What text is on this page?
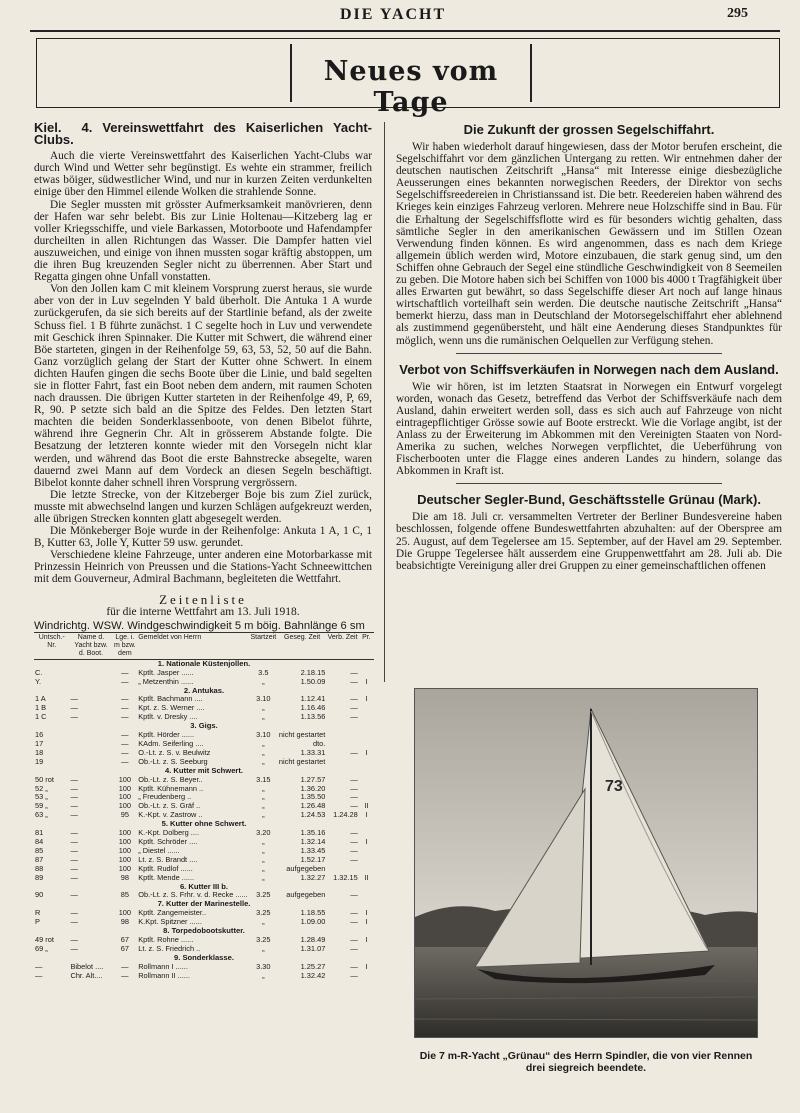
DIE YACHT	295
Neues vom Tage
Kiel. 4. Vereinswettfahrt des Kaiserlichen Yacht-Clubs.

Auch die vierte Vereinswettfahrt des Kaiserlichen Yacht-Clubs war durch Wind und Wetter sehr begünstigt. Es wehte ein strammer, freilich etwas böiger, südwestlicher Wind, und nur in kurzen Zeiten verdunkelten einige über den Himmel eilende Wolken die strahlende Sonne.

Die Segler mussten mit grösster Aufmerksamkeit manövrieren, denn der Hafen war sehr belebt. Bis zur Linie Holtenau—Kitzeberg lag er voller Kriegsschiffe, und viele Barkassen, Motorboote und Hafendampfer durcheilten in allen Richtungen das Wasser. Die Dampfer hatten viel auszuweichen, und einige von ihnen mussten sogar kräftig abstoppen, um die ihren Bug kreuzenden Segler nicht zu überrennen. Aber Start und Regatta gingen ohne Unfall vonstatten.

Von den Jollen kam C mit kleinem Vorsprung zuerst heraus, sie wurde aber von der in Luv segelnden Y bald überholt. Die Antuka 1 A wurde zurückgerufen, da sie sich bereits auf der Startlinie befand, als der zweite Schuss fiel. 1 B führte zunächst. 1 C segelte hoch in Luv und verwendete mit Geschick ihren Spinnaker. Die Kutter mit Schwert, die während einer Böe starteten, gingen in der Reihenfolge 59, 63, 53, 52, 50 auf die Bahn. Ganz vorzüglich gelang der Start der Kutter ohne Schwert. In einem dichten Haufen gingen die sechs Boote über die Linie, und bald segelten sie in flotter Fahrt, fast ein Boot neben dem andern, mit raumen Schoten nach draussen. Die übrigen Kutter starteten in der Reihenfolge 49, P, 69, R, 90. P setzte sich bald an die Spitze des Feldes. Den letzten Start machten die beiden Sonderklassenboote, von denen Bibelot führte, während ihre Gegnerin Chr. Alt in grösserem Abstande folgte. Die Besatzung der letzteren konnte wieder mit den Vorsegeln nicht klar werden, und während das Boot die erste Bahnstrecke absegelte, waren dauernd zwei Mann auf dem Vordeck an diesen Segeln beschäftigt. Bibelot konnte daher schnell ihren Vorsprung vergrössern.

Die letzte Strecke, von der Kitzeberger Boje bis zum Ziel zurück, musste mit abwechselnd langen und kurzen Schlägen aufgekreuzt werden, alle übrigen Strecken konnten glatt abgesegelt werden.

Die Mönkeberger Boje wurde in der Reihenfolge: Ankuta 1 A, 1 C, 1 B, Kutter 63, Jolle Y, Kutter 59 usw. gerundet.

Verschiedene kleine Fahrzeuge, unter anderen eine Motorbarkasse mit Prinzessin Heinrich von Preussen und die Stations-Yacht Schneewittchen mit dem Gouverneur, Admiral Bachmann, begleiteten die Wettfahrt.

Zeitenliste
für die interne Wettfahrt am 13. Juli 1918.
Windrichtg. WSW. Windgeschwindigkeit 5 m böig. Bahnlänge 6 sm
Untsch.-Nr.	Name d. Yacht bzw. d. Boot.	Lge. i. m bzw. dem	Gemeldet von Herrn	Startzeit	Geseg. Zeit	Verb. Zeit	Pr.
1. Nationale Küstenjollen.							
C.		—	Kptlt. Jasper ......	3.5	2.18.15	—	
Y.		—	„ Metzenthin ......	„	1.50.09	—	I
2. Antukas.							
1 A	—	—	Kptlt. Bachmann ....	3.10	1.12.41	—	I
1 B	—	—	Kpt. z. S. Werner ....	„	1.16.46	—	
1 C	—	—	Kptlt. v. Dresky ....	„	1.13.56	—	
3. Gigs.							
16		—	Kptlt. Hörder ......	3.10	nicht gestartet		
17		—	KAdm. Seiferling ....	„	dto.		
18		—	O.-Lt. z. S. v. Beulwitz	„	1.33.31	—	I
19		—	Ob.-Lt. z. S. Seeburg	„	nicht gestartet		
4. Kutter mit Schwert.							
50 rot	—	100	Ob.-Lt. z. S. Beyer..	3.15	1.27.57	—	
52 „	—	100	Kptlt. Kühnemann ..	„	1.36.20	—	
53 „	—	100	„ Freudenberg ..	„	1.35.50	—	
59 „	—	100	Ob.-Lt. z. S. Gräf ..	„	1.26.48	—	II
63 „	—	95	K.-Kpt. v. Zastrow ..	„	1.24.53	1.24.28	I
5. Kutter ohne Schwert.							
81	—	100	K.-Kpt. Dolberg ....	3.20	1.35.16	—	
84	—	100	Kptlt. Schröder ....	„	1.32.14	—	I
85	—	100	„ Diestel ......	„	1.33.45	—	
87	—	100	Lt. z. S. Brandt ....	„	1.52.17	—	
88	—	100	Kptlt. Rudlof ......	„	aufgegeben		
89	—	98	Kptlt. Mende ......	„	1.32.27	1.32.15	II
6. Kutter III b.							
90	—	85	Ob.-Lt. z. S. Frhr. v. d. Recke ......	3.25	aufgegeben	—	
7. Kutter der Marinestelle.							
R	—	100	Kptlt. Zangemeister..	3.25	1.18.55	—	I
P	—	98	K.Kpt. Spitzner ......	„	1.09.00	—	I
8. Torpedobootskutter.							
49 rot	—	67	Kptlt. Rohne ......	3.25	1.28.49	—	I
69 „	—	67	Lt. z. S. Friedrich ..	„	1.31.07	—	
9. Sonderklasse.							
—	Bibelot ....	—	Rollmann I ......	3.30	1.25.27	—	I
—	Chr. Alt....	—	Rollmann II ......	„	1.32.42	—	
Die Zukunft der grossen Segelschiffahrt.

Wir haben wiederholt darauf hingewiesen, dass der Motor berufen erscheint, die Segelschiffahrt vor dem gänzlichen Untergang zu retten. Wir entnehmen daher der deutschen nautischen Zeitschrift „Hansa“ mit Interesse einige diesbezügliche Aeusserungen eines bekannten norwegischen Reeders, der Direktor von sechs Segelschiffsreedereien in Christianssand ist. Die betr. Reedereien haben während des Krieges kein einziges Fahrzeug verloren. Mehrere neue Holzschiffe sind in Bau. Für die Erhaltung der Segelschiffsflotte wird es für besonders wichtig gehalten, dass sämtliche Segler in den amerikanischen Gewässern und im Stillen Ozean Verwendung finden können. Es wird angenommen, dass es nach dem Kriege allgemein üblich werden wird, Motore einzubauen, die stark genug sind, um den Schiffen ohne Gebrauch der Segel eine stündliche Geschwindigkeit von 8 Seemeilen zu geben. Die Motore haben sich bei Schiffen von 1000 bis 4000 t Tragfähigkeit über alles Erwarten gut bewährt, so dass Segelschiffe dieser Art noch auf lange hinaus wirtschaftlich vorteilhaft sein werden. Die deutsche nautische Zeitschrift „Hansa“ bemerkt hierzu, dass man in Deutschland der Motorsegelschiffahrt eher ablehnend als zustimmend gegenübersteht, und hält eine Aenderung dieses Standpunktes für möglich, wenn uns die rumänischen Oelquellen zur Verfügung stehen.

Verbot von Schiffsverkäufen in Norwegen nach dem Ausland.

Wie wir hören, ist im letzten Staatsrat in Norwegen ein Entwurf vorgelegt worden, wonach das Gesetz, betreffend das Verbot der Schiffsverkäufe nach dem Ausland, dahin erweitert werden soll, dass es sich auch auf Fahrzeuge von nicht eintragepflichtiger Grösse sowie auf Boote erstreckt. Wie die Vorlage angibt, ist der Anlass zu der Erweiterung im Abkommen mit den Vereinigten Staaten von Nord-Amerika zu suchen, welches Norwegen verpflichtet, die Ueberführung von Fischerbooten unter die Flagge eines anderen Landes zu hindern, solange das Abkommen in Kraft ist.

Deutscher Segler-Bund, Geschäftsstelle Grünau (Mark).

Die am 18. Juli cr. versammelten Vertreter der Berliner Bundesvereine haben beschlossen, folgende offene Bundeswettfahrten abzuhalten: auf der Oberspree am 25. August, auf dem Tegelersee am 15. September, auf der Havel am 29. September. Die Gruppe Tegelersee hält ausserdem eine Gruppenwettfahrt am 28. Juli ab. Die beabsichtigte Vereinigung aller drei Gruppen zu einer gemeinschaftlichen offenen

73
Die 7 m-R-Yacht „Grünau“ des Herrn Spindler, die von vier Rennen drei siegreich beendete.
